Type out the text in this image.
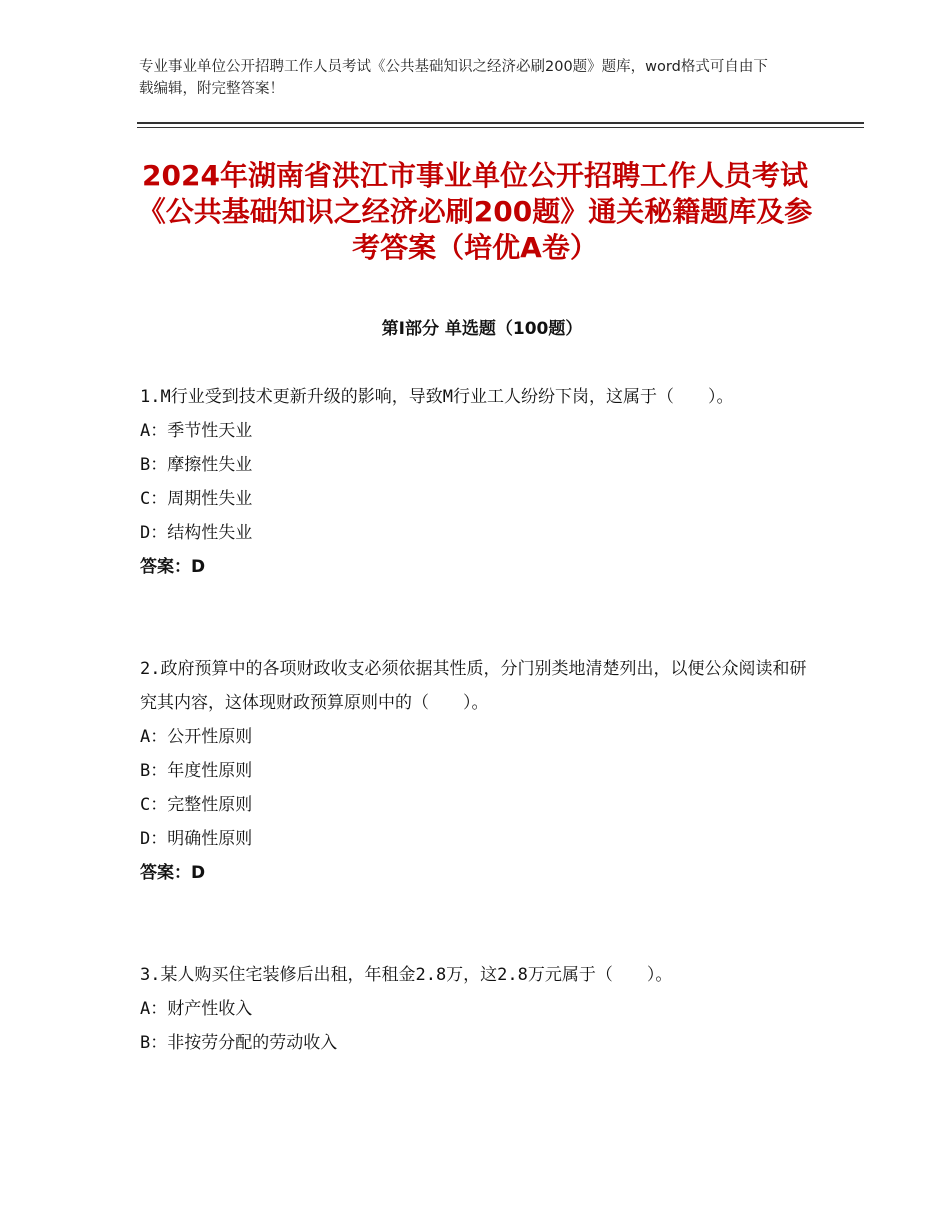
专业事业单位公开招聘工作人员考试《公共基础知识之经济必刷200题》题库，word格式可自由下载编辑，附完整答案！
2024年湖南省洪江市事业单位公开招聘工作人员考试《公共基础知识之经济必刷200题》通关秘籍题库及参考答案（培优A卷）
第Ⅰ部分 单选题（100题）
1.M行业受到技术更新升级的影响，导致M行业工人纷纷下岗，这属于（　　）。
A：季节性天业
B：摩擦性失业
C：周期性失业
D：结构性失业
答案：D
2.政府预算中的各项财政收支必须依据其性质，分门别类地清楚列出，以便公众阅读和研究其内容，这体现财政预算原则中的（　　）。
A：公开性原则
B：年度性原则
C：完整性原则
D：明确性原则
答案：D
3.某人购买住宅装修后出租，年租金2.8万，这2.8万元属于（　　）。
A：财产性收入
B：非按劳分配的劳动收入
